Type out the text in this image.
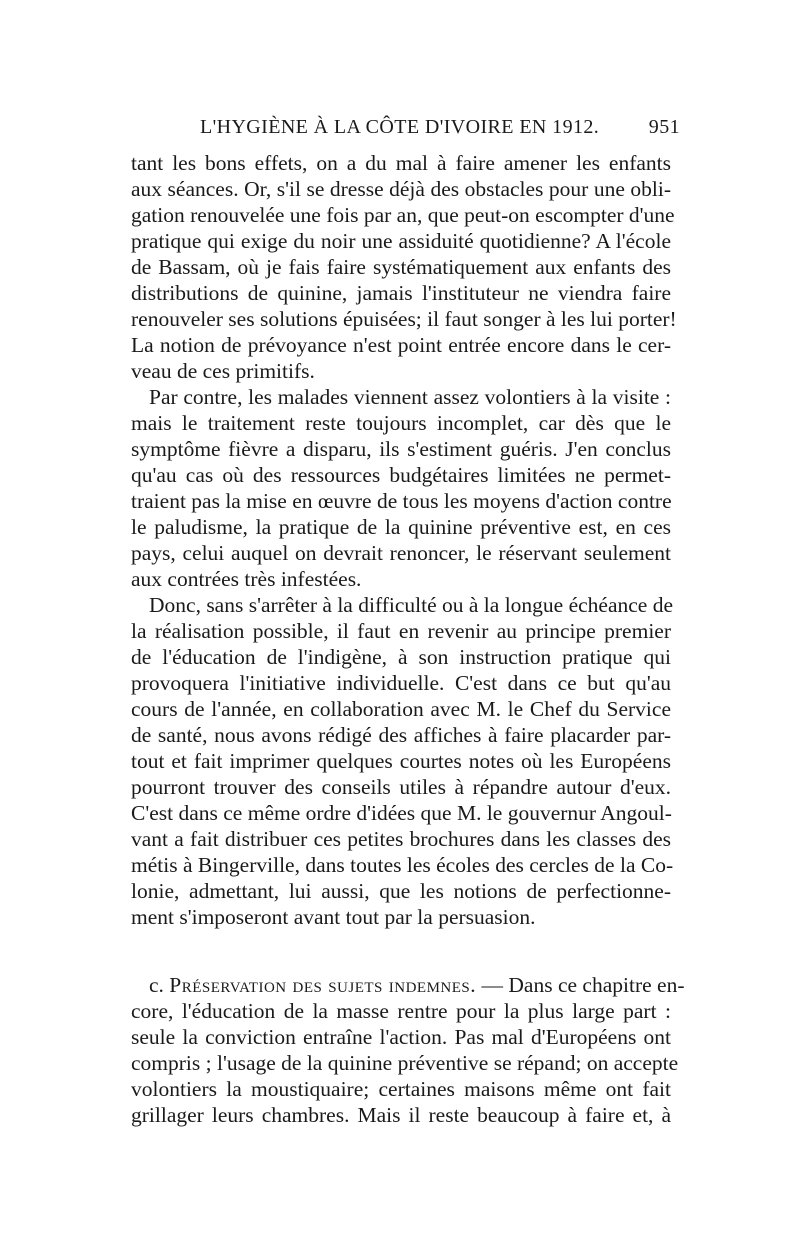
L'HYGIÈNE À LA CÔTE D'IVOIRE EN 1912. 951
tant les bons effets, on a du mal à faire amener les enfants
aux séances. Or, s'il se dresse déjà des obstacles pour une obli-
gation renouvelée une fois par an, que peut-on escompter d'une
pratique qui exige du noir une assiduité quotidienne? A l'école
de Bassam, où je fais faire systématiquement aux enfants des
distributions de quinine, jamais l'instituteur ne viendra faire
renouveler ses solutions épuisées; il faut songer à les lui porter!
La notion de prévoyance n'est point entrée encore dans le cer-
veau de ces primitifs.
Par contre, les malades viennent assez volontiers à la visite :
mais le traitement reste toujours incomplet, car dès que le
symptôme fièvre a disparu, ils s'estiment guéris. J'en conclus
qu'au cas où des ressources budgétaires limitées ne permet-
traient pas la mise en œuvre de tous les moyens d'action contre
le paludisme, la pratique de la quinine préventive est, en ces
pays, celui auquel on devrait renoncer, le réservant seulement
aux contrées très infestées.
Donc, sans s'arrêter à la difficulté ou à la longue échéance de
la réalisation possible, il faut en revenir au principe premier
de l'éducation de l'indigène, à son instruction pratique qui
provoquera l'initiative individuelle. C'est dans ce but qu'au
cours de l'année, en collaboration avec M. le Chef du Service
de santé, nous avons rédigé des affiches à faire placarder par-
tout et fait imprimer quelques courtes notes où les Européens
pourront trouver des conseils utiles à répandre autour d'eux.
C'est dans ce même ordre d'idées que M. le gouvernur Angoul-
vant a fait distribuer ces petites brochures dans les classes des
métis à Bingerville, dans toutes les écoles des cercles de la Co-
lonie, admettant, lui aussi, que les notions de perfectionne-
ment s'imposeront avant tout par la persuasion.
c. Préservation des sujets indemnes. — Dans ce chapitre en-
core, l'éducation de la masse rentre pour la plus large part :
seule la conviction entraîne l'action. Pas mal d'Européens ont
compris ; l'usage de la quinine préventive se répand; on accepte
volontiers la moustiquaire; certaines maisons même ont fait
grillager leurs chambres. Mais il reste beaucoup à faire et, à
